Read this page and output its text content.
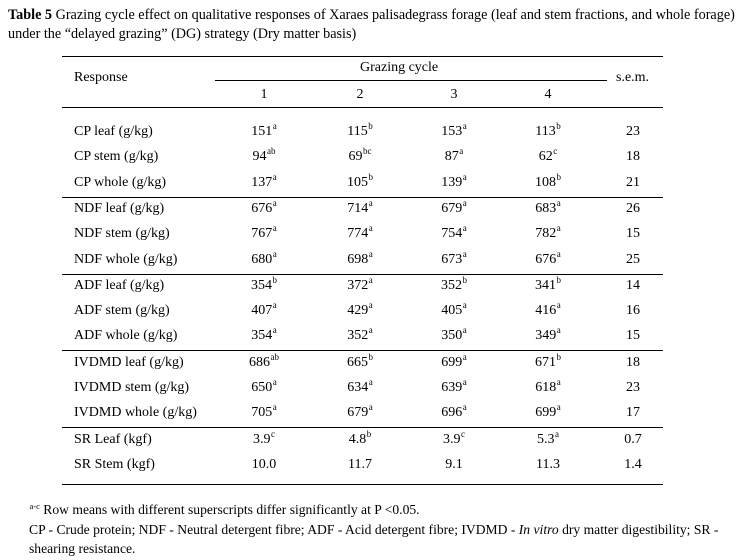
Table 5 Grazing cycle effect on qualitative responses of Xaraes palisadegrass forage (leaf and stem fractions, and whole forage) under the “delayed grazing” (DG) strategy (Dry matter basis)
Response
Grazing cycle
s.e.m.
1	2	3	4
CP leaf (g/kg)	151$^a$	115$^b$	153$^a$	113$^b$	23
CP stem (g/kg)	$94^{ab}$	$69^{bc}$	87$^a$	62$^c$	18
CP whole (g/kg)	137$^a$	105$^b$	139$^a$	108$^b$	21
NDF leaf (g/kg)	676$^a$	714$^a$	679$^a$	683$^a$	26
NDF stem (g/kg)	767$^a$	774$^a$	754$^a$	782$^a$	15
NDF whole (g/kg)	680$^a$	698$^a$	673$^a$	676$^a$	25
ADF leaf (g/kg)	354$^b$	372$^a$	352$^b$	341$^b$	14
ADF stem (g/kg)	407$^a$	429$^a$	405$^a$	416$^a$	16
ADF whole (g/kg)	354$^a$	352$^a$	350$^a$	349$^a$	15
IVDMD leaf (g/kg)	$686^{ab}$	665$^b$	699$^a$	671$^b$	18
IVDMD stem (g/kg)	650$^a$	634$^a$	639$^a$	618$^a$	23
IVDMD whole (g/kg)	705$^a$	679$^a$	696$^a$	699$^a$	17
SR Leaf (kgf)	3.9$^c$	4.8$^b$	3.9$^c$	5.3$^a$	0.7
SR Stem (kgf)	10.0	11.7	9.1	11.3	1.4
$^{a-c}$ Row means with different superscripts differ significantly at P <0.05.
CP - Crude protein; NDF - Neutral detergent fibre; ADF - Acid detergent fibre; IVDMD - In vitro dry matter digestibility; SR - shearing resistance.
